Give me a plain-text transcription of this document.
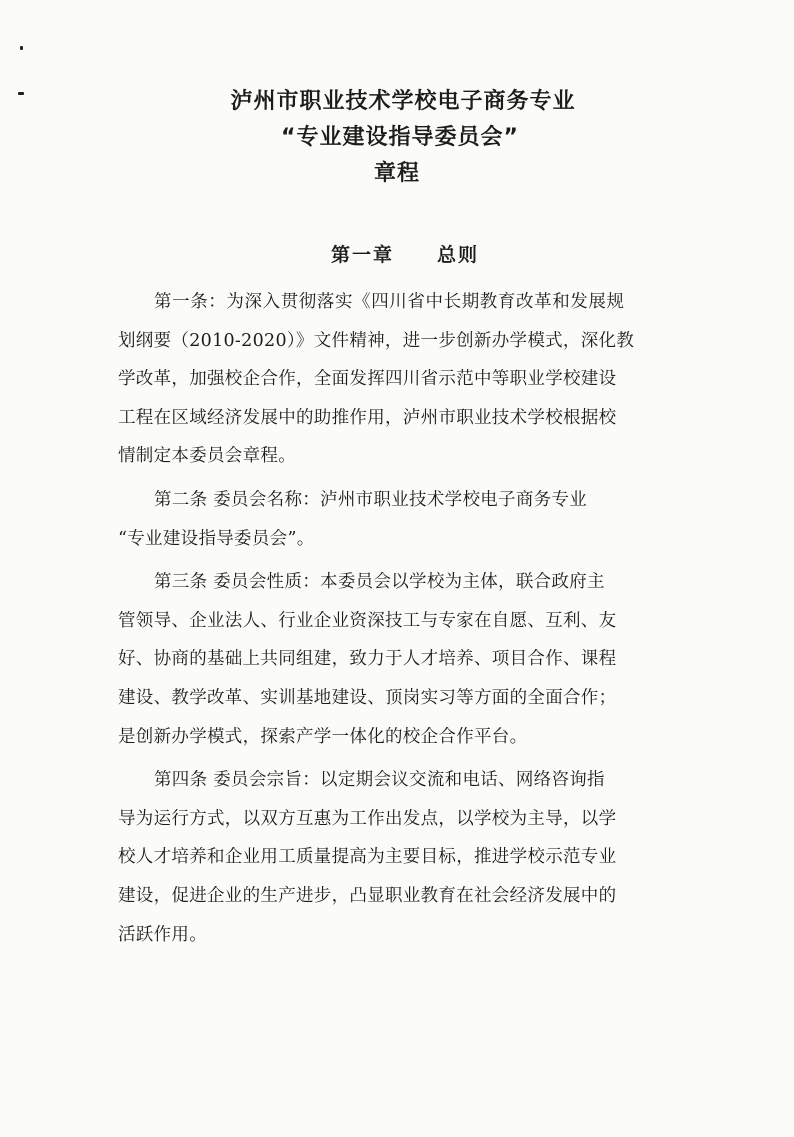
泸州市职业技术学校电子商务专业
“专业建设指导委员会”
章程
第一章     总则
第一条：为深入贯彻落实《四川省中长期教育改革和发展规
划纲要（2010-2020）》文件精神，进一步创新办学模式，深化教
学改革，加强校企合作，全面发挥四川省示范中等职业学校建设
工程在区域经济发展中的助推作用，泸州市职业技术学校根据校
情制定本委员会章程。
第二条 委员会名称：泸州市职业技术学校电子商务专业
“专业建设指导委员会”。
第三条 委员会性质：本委员会以学校为主体，联合政府主
管领导、企业法人、行业企业资深技工与专家在自愿、互利、友
好、协商的基础上共同组建，致力于人才培养、项目合作、课程
建设、教学改革、实训基地建设、顶岗实习等方面的全面合作；
是创新办学模式，探索产学一体化的校企合作平台。
第四条 委员会宗旨：以定期会议交流和电话、网络咨询指
导为运行方式，以双方互惠为工作出发点，以学校为主导，以学
校人才培养和企业用工质量提高为主要目标，推进学校示范专业
建设，促进企业的生产进步，凸显职业教育在社会经济发展中的
活跃作用。
